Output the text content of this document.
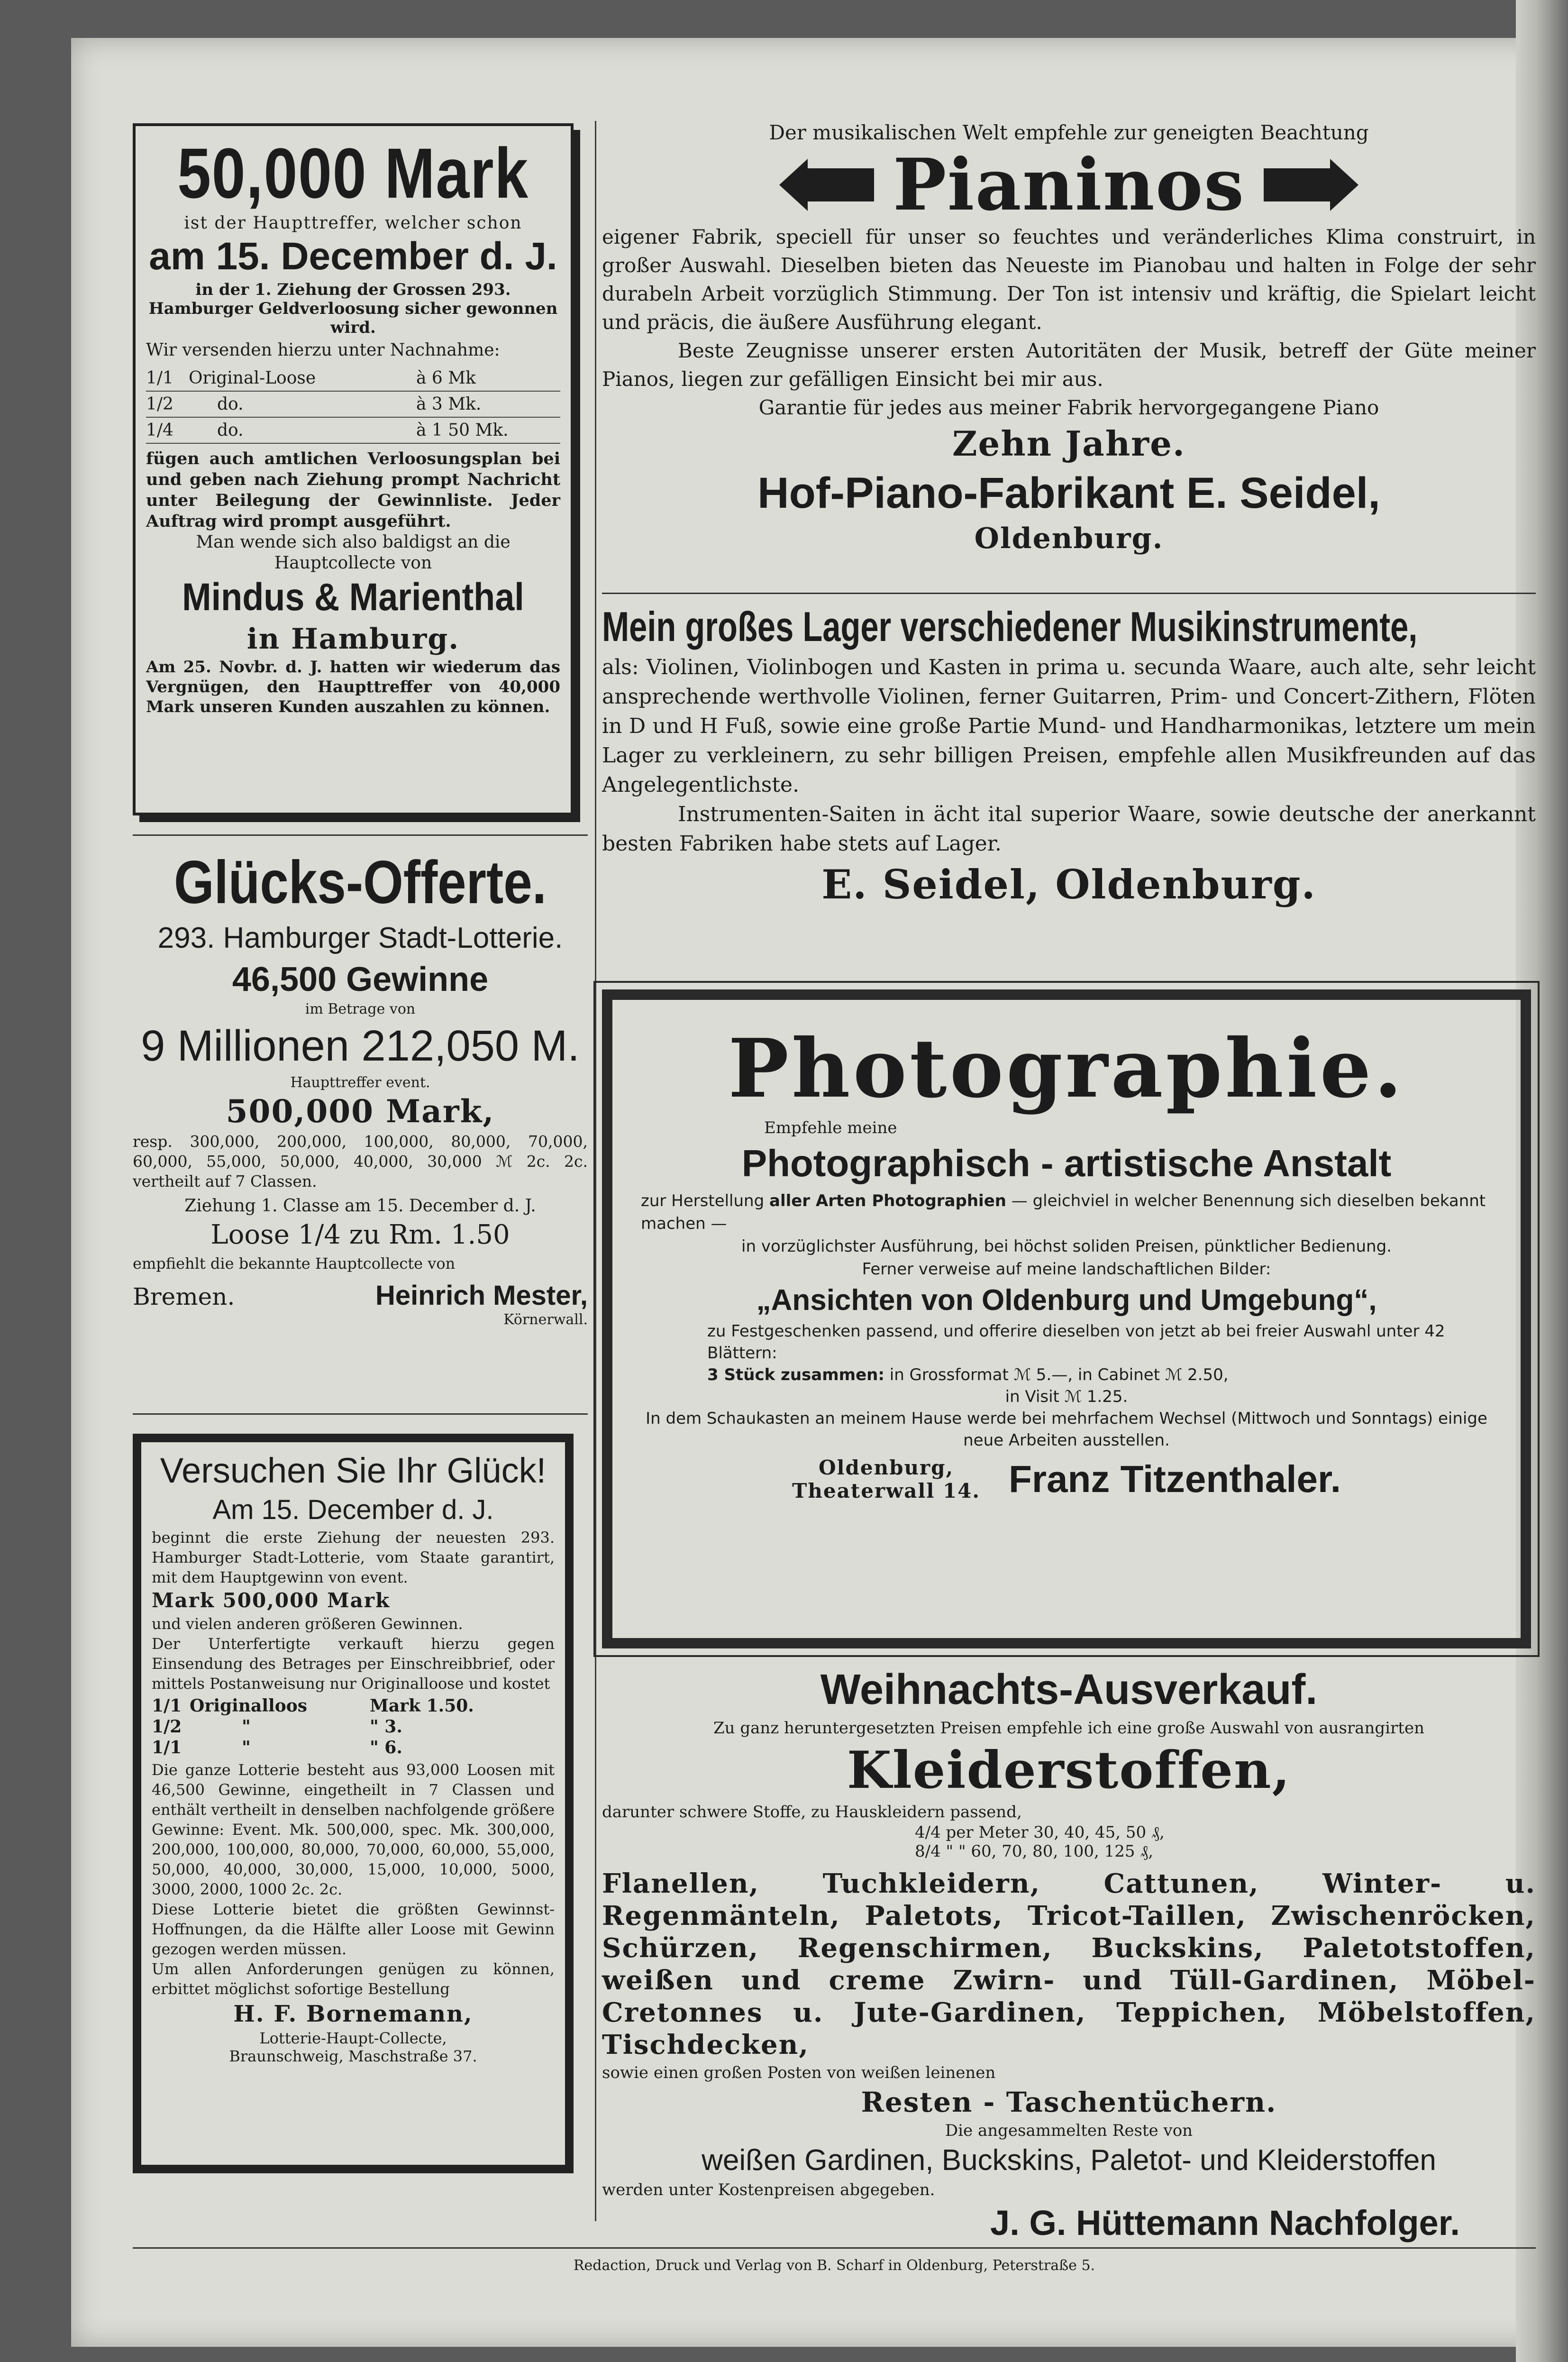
50,000 Mark

ist der Haupttreffer, welcher schon

am 15. December d. J.

in der 1. Ziehung der Grossen 293. Hamburger Geldverloosung sicher gewonnen wird.

Wir versenden hierzu unter Nachnahme:

1/1 Original-Loose	à 6 Mk
1/2	do.	à 3 Mk.
1/4	do.	à 1 50 Mk.

fügen auch amtlichen Verloosungsplan bei und geben nach Ziehung prompt Nachricht unter Beilegung der Gewinnliste. Jeder Auftrag wird prompt ausgeführt.

Man wende sich also baldigst an die Hauptcollecte von

Mindus & Marienthal
in Hamburg.

Am 25. Novbr. d. J. hatten wir wiederum das Vergnügen, den Haupttreffer von 40,000 Mark unseren Kunden auszahlen zu können.

Glücks-Offerte.
293. Hamburger Stadt-Lotterie.
46,500 Gewinne

im Betrage von

9 Millionen 212,050 M.

Haupttreffer event.

500,000 Mark,

resp. 300,000, 200,000, 100,000, 80,000, 70,000, 60,000, 55,000, 50,000, 40,000, 30,000 ℳ 2c. 2c. vertheilt auf 7 Classen.

Ziehung 1. Classe am 15. December d. J.

Loose 1/4 zu Rm. 1.50

empfiehlt die bekannte Hauptcollecte von

Bremen.	Heinrich Mester,

Körnerwall.

Versuchen Sie Ihr Glück!
Am 15. December d. J.

beginnt die erste Ziehung der neuesten 293. Hamburger Stadt-Lotterie, vom Staate garantirt, mit dem Hauptgewinn von event.

Mark 500,000 Mark

und vielen anderen größeren Gewinnen.

Der Unterfertigte verkauft hierzu gegen Einsendung des Betrages per Einschreibbrief, oder mittels Postanweisung nur Originalloose und kostet

1/1 Originalloos	Mark 1.50.
1/2	"	" 3.
1/1	"	" 6.

Die ganze Lotterie besteht aus 93,000 Loosen mit 46,500 Gewinne, eingetheilt in 7 Classen und enthält vertheilt in denselben nachfolgende größere Gewinne: Event. Mk. 500,000, spec. Mk. 300,000, 200,000, 100,000, 80,000, 70,000, 60,000, 55,000, 50,000, 40,000, 30,000, 15,000, 10,000, 5000, 3000, 2000, 1000 2c. 2c.

Diese Lotterie bietet die größten Gewinnst-Hoffnungen, da die Hälfte aller Loose mit Gewinn gezogen werden müssen.

Um allen Anforderungen genügen zu können, erbittet möglichst sofortige Bestellung

H. F. Bornemann,

Lotterie-Haupt-Collecte,

Braunschweig, Maschstraße 37.

Der musikalischen Welt empfehle zur geneigten Beachtung

Pianinos

eigener Fabrik, speciell für unser so feuchtes und veränderliches Klima construirt, in großer Auswahl. Dieselben bieten das Neueste im Pianobau und halten in Folge der sehr durabeln Arbeit vorzüglich Stimmung. Der Ton ist intensiv und kräftig, die Spielart leicht und präcis, die äußere Ausführung elegant.

Beste Zeugnisse unserer ersten Autoritäten der Musik, betreff der Güte meiner Pianos, liegen zur gefälligen Einsicht bei mir aus.

Garantie für jedes aus meiner Fabrik hervorgegangene Piano

Zehn Jahre.
Hof-Piano-Fabrikant E. Seidel,
Oldenburg.
Mein großes Lager verschiedener Musikinstrumente,

als: Violinen, Violinbogen und Kasten in prima u. secunda Waare, auch alte, sehr leicht ansprechende werthvolle Violinen, ferner Guitarren, Prim- und Concert-Zithern, Flöten in D und H Fuß, sowie eine große Partie Mund- und Handharmonikas, letztere um mein Lager zu verkleinern, zu sehr billigen Preisen, empfehle allen Musikfreunden auf das Angelegentlichste.

Instrumenten-Saiten in ächt ital superior Waare, sowie deutsche der anerkannt besten Fabriken habe stets auf Lager.

E. Seidel, Oldenburg.
Photographie.

Empfehle meine

Photographisch - artistische Anstalt

zur Herstellung aller Arten Photographien — gleichviel in welcher Benennung sich dieselben bekannt machen —

in vorzüglichster Ausführung, bei höchst soliden Preisen, pünktlicher Bedienung.

Ferner verweise auf meine landschaftlichen Bilder:

„Ansichten von Oldenburg und Umgebung“,

zu Festgeschenken passend, und offerire dieselben von jetzt ab bei freier Auswahl unter 42 Blättern:

3 Stück zusammen: in Grossformat ℳ 5.—, in Cabinet ℳ 2.50,

in Visit ℳ 1.25.

In dem Schaukasten an meinem Hause werde bei mehrfachem Wechsel (Mittwoch und Sonntags) einige neue Arbeiten ausstellen.

Oldenburg,
Theaterwall 14. Franz Titzenthaler.
Weihnachts-Ausverkauf.

Zu ganz heruntergesetzten Preisen empfehle ich eine große Auswahl von ausrangirten

Kleiderstoffen,

darunter schwere Stoffe, zu Hauskleidern passend,

4/4 per Meter 30, 40, 45, 50 ₰,

8/4 " " 60, 70, 80, 100, 125 ₰,

Flanellen, Tuchkleidern, Cattunen, Winter- u. Regenmänteln, Paletots, Tricot-Taillen, Zwischenröcken, Schürzen, Regenschirmen, Buckskins, Paletotstoffen, weißen und creme Zwirn- und Tüll-Gardinen, Möbel-Cretonnes u. Jute-Gardinen, Teppichen, Möbelstoffen, Tischdecken,

sowie einen großen Posten von weißen leinenen

Resten - Taschentüchern.

Die angesammelten Reste von

weißen Gardinen, Buckskins, Paletot- und Kleiderstoffen

werden unter Kostenpreisen abgegeben.

J. G. Hüttemann Nachfolger.
Redaction, Druck und Verlag von B. Scharf in Oldenburg, Peterstraße 5.
